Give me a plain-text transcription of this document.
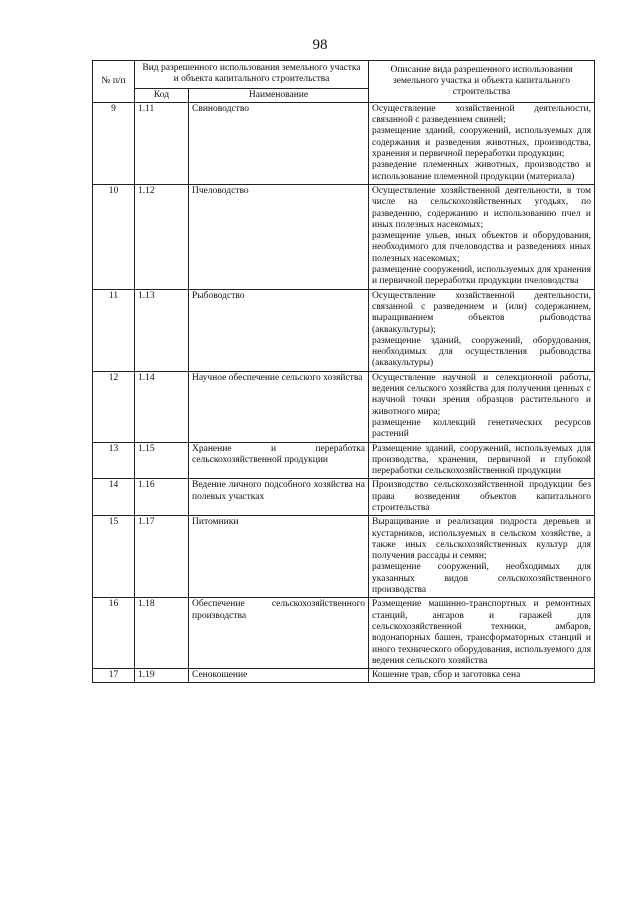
98
№ п/п	Вид разрешенного использования земельного участка и объекта капитального строительства		Описание вида разрешенного использования земельного участка и объекта капитального строительства
	Код	Наименование	
9	1.11	Свиноводство	Осуществление хозяйственной деятельности, связанной с разведением свиней;
размещение зданий, сооружений, используемых для содержания и разведения животных, производства, хранения и первичной переработки продукции;
разведение племенных животных, производство и использование племенной продукции (материала)

10	1.12	Пчеловодство	Осуществление хозяйственной деятельности, в том числе на сельскохозяйственных угодьях, по разведению, содержанию и использованию пчел и иных полезных насекомых;
размещение ульев, иных объектов и оборудования, необходимого для пчеловодства и разведениях иных полезных насекомых;
размещение сооружений, используемых для хранения и первичной переработки продукции пчеловодства

11	1.13	Рыбоводство	Осуществление хозяйственной деятельности, связанной с разведением и (или) содержанием, выращиванием объектов рыбоводства (аквакультуры);
размещение зданий, сооружений, оборудования, необходимых для осуществления рыбоводства (аквакультуры)

12	1.14	Научное обеспечение сельского хозяйства	Осуществление научной и селекционной работы, ведения сельского хозяйства для получения ценных с научной точки зрения образцов растительного и животного мира;
размещение коллекций генетических ресурсов растений

13	1.15	Хранение и переработка сельскохозяйственной продукции	Размещение зданий, сооружений, используемых для производства, хранения, первичной и глубокой переработки сельскохозяйственной продукции

14	1.16	Ведение личного подсобного хозяйства на полевых участках	Производство сельскохозяйственной продукции без права возведения объектов капитального строительства

15	1.17	Питомники	Выращивание и реализация подроста деревьев и кустарников, используемых в сельском хозяйстве, а также иных сельскохозяйственных культур для получения рассады и семян;
размещение сооружений, необходимых для указанных видов сельскохозяйственного производства

16	1.18	Обеспечение сельскохозяйственного производства	Размещение машинно-транспортных и ремонтных станций, ангаров и гаражей для сельскохозяйственной техники, амбаров, водонапорных башен, трансформаторных станций и иного технического оборудования, используемого для ведения сельского хозяйства

17	1.19	Сенокошение	Кошение трав, сбор и заготовка сена
